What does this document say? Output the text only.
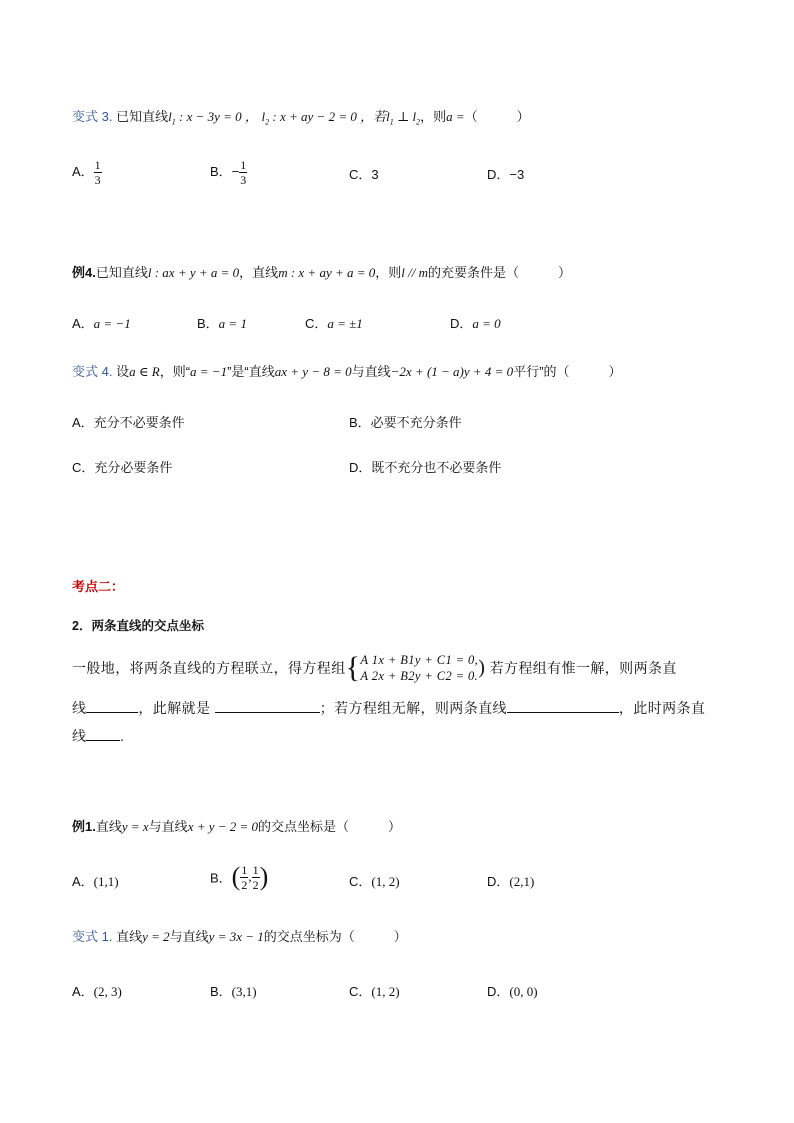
变式 3. 已知直线$l_1$ : x − 3y = 0 ， $l_2$ : x + ay − 2 = 0 ，若$l_1$ ⊥ $l_2$，则a =（　　　）
A． $\frac{1}{3}$	B．− $\frac{1}{3}$	C．3	D．−3
例4.已知直线l : ax + y + a = 0，直线m : x + ay + a = 0，则l // m的充要条件是（　　　）
A．a = −1	B．a = 1	C．a = ±1	D．a = 0
变式 4. 设a ∈ R，则“a = −1”是“直线ax + y − 8 = 0与直线−2x + (1 − a)y + 4 = 0平行”的（　　　）
A．充分不必要条件	B．必要不充分条件
C．充分必要条件	D．既不充分也不必要条件
考点二：
2．两条直线的交点坐标
一般地，将两条直线的方程联立，得方程组{ A 1x + B1y + C1 = 0,
A 2x + B2y + C2 = 0. ) 若方程组有惟一解，则两条直
线	，此解就是	；若方程组无解，则两条直线	，此时两条直
线 .
例1.直线y = x与直线x + y − 2 = 0的交点坐标是（　　　）
A．(1,1)	B．( $\frac{1}{2}$ , $\frac{1}{2}$ )	C．(1, 2)	D．(2,1)
变式 1. 直线y = 2与直线y = 3x − 1的交点坐标为（　　　）
A．(2, 3)	B．(3,1)	C．(1, 2)	D．(0, 0)
